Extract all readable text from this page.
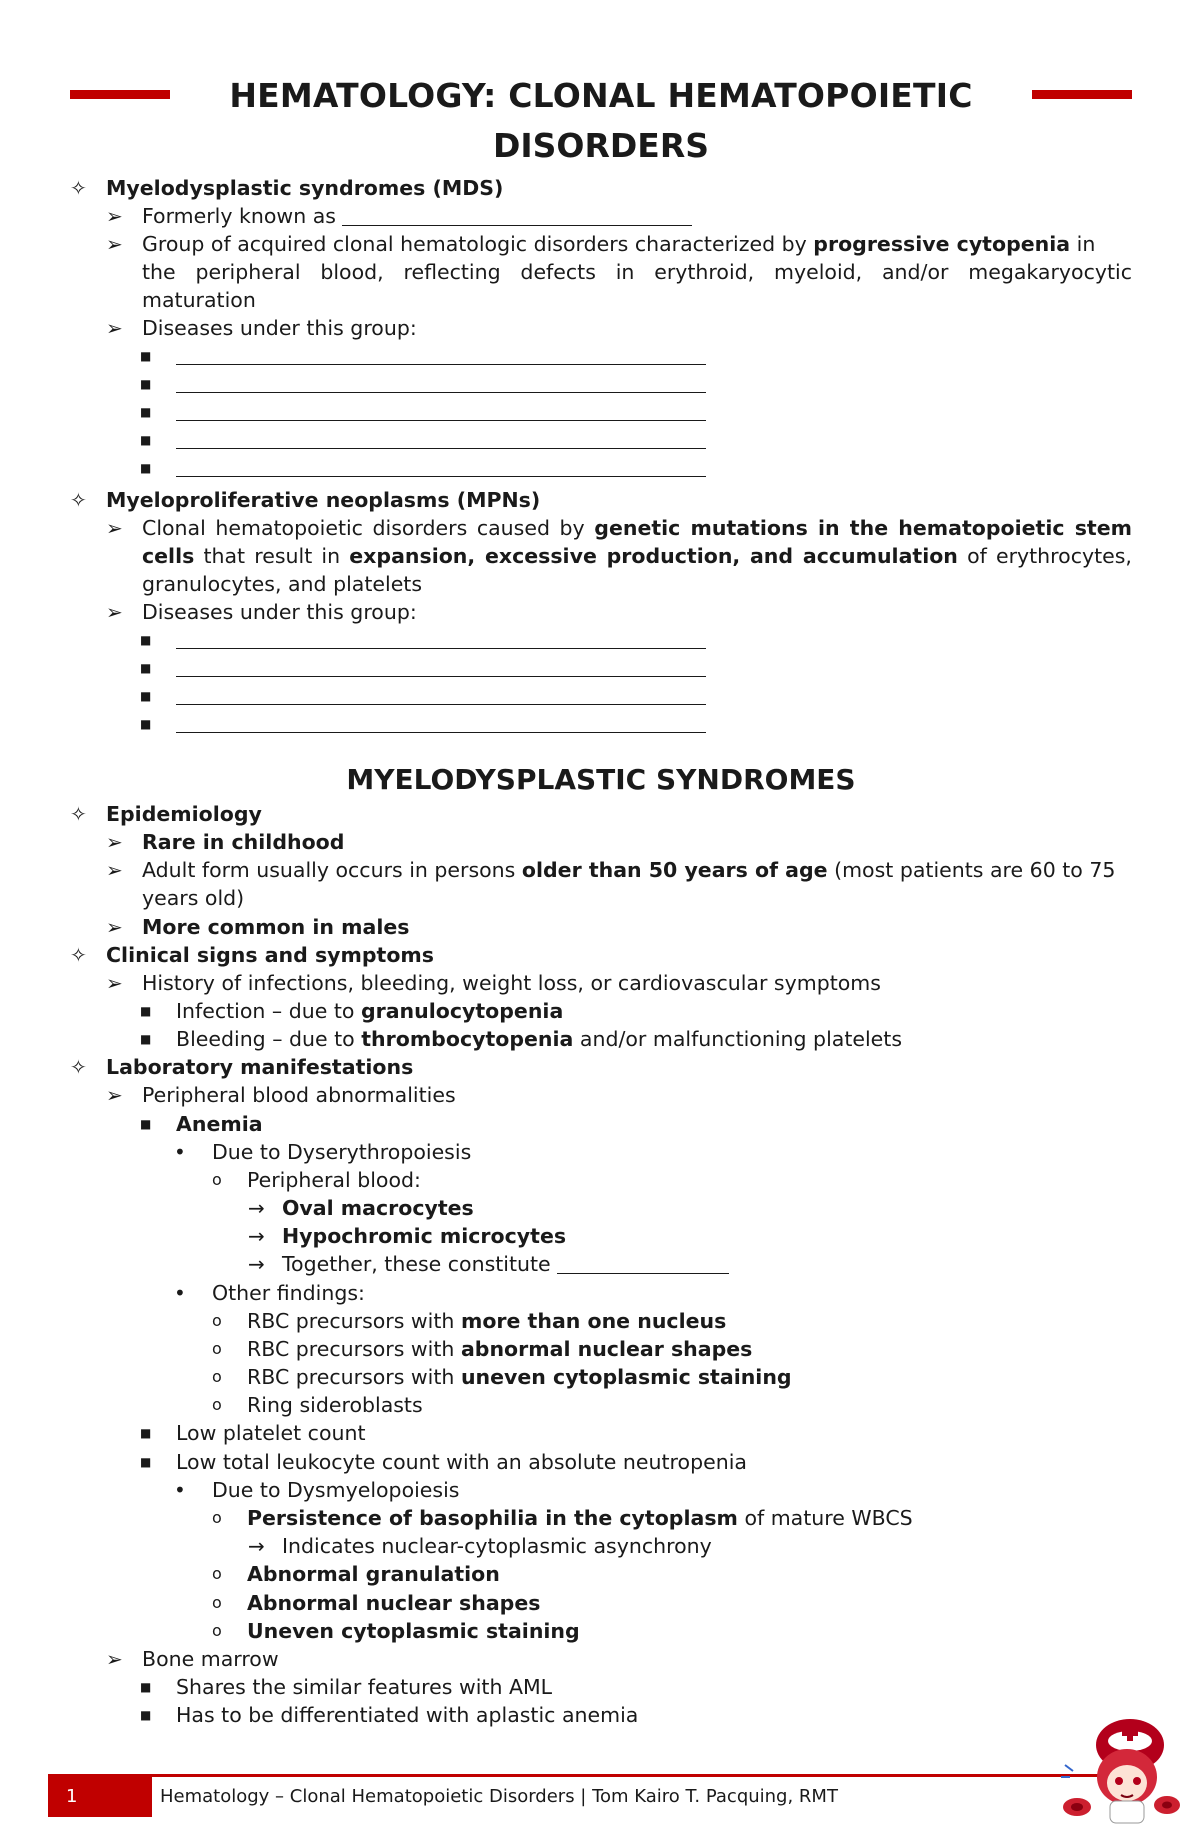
HEMATOLOGY: CLONAL HEMATOPOIETIC
DISORDERS
✧ Myelodysplastic syndromes (MDS)
➢ Formerly known as
➢ Group of acquired clonal hematologic disorders characterized by progressive cytopenia in
the peripheral blood, reflecting defects in erythroid, myeloid, and/or megakaryocytic
maturation
➢ Diseases under this group:
■
■
■
■
■
✧ Myeloproliferative neoplasms (MPNs)
➢ Clonal hematopoietic disorders caused by genetic mutations in the hematopoietic stem
cells that result in expansion, excessive production, and accumulation of erythrocytes,
granulocytes, and platelets
➢ Diseases under this group:
■
■
■
■
MYELODYSPLASTIC SYNDROMES
✧ Epidemiology
➢ Rare in childhood
➢ Adult form usually occurs in persons older than 50 years of age (most patients are 60 to 75
years old)
➢ More common in males
✧ Clinical signs and symptoms
➢ History of infections, bleeding, weight loss, or cardiovascular symptoms
■ Infection – due to granulocytopenia
■ Bleeding – due to thrombocytopenia and/or malfunctioning platelets
✧ Laboratory manifestations
➢ Peripheral blood abnormalities
■ Anemia
• Due to Dyserythropoiesis
o Peripheral blood:
→ Oval macrocytes
→ Hypochromic microcytes
→ Together, these constitute
• Other findings:
o RBC precursors with more than one nucleus
o RBC precursors with abnormal nuclear shapes
o RBC precursors with uneven cytoplasmic staining
o Ring sideroblasts
■ Low platelet count
■ Low total leukocyte count with an absolute neutropenia
• Due to Dysmyelopoiesis
o Persistence of basophilia in the cytoplasm of mature WBCS
→ Indicates nuclear-cytoplasmic asynchrony
o Abnormal granulation
o Abnormal nuclear shapes
o Uneven cytoplasmic staining
➢ Bone marrow
■ Shares the similar features with AML
■ Has to be differentiated with aplastic anemia
1	Hematology – Clonal Hematopoietic Disorders | Tom Kairo T. Pacquing, RMT
